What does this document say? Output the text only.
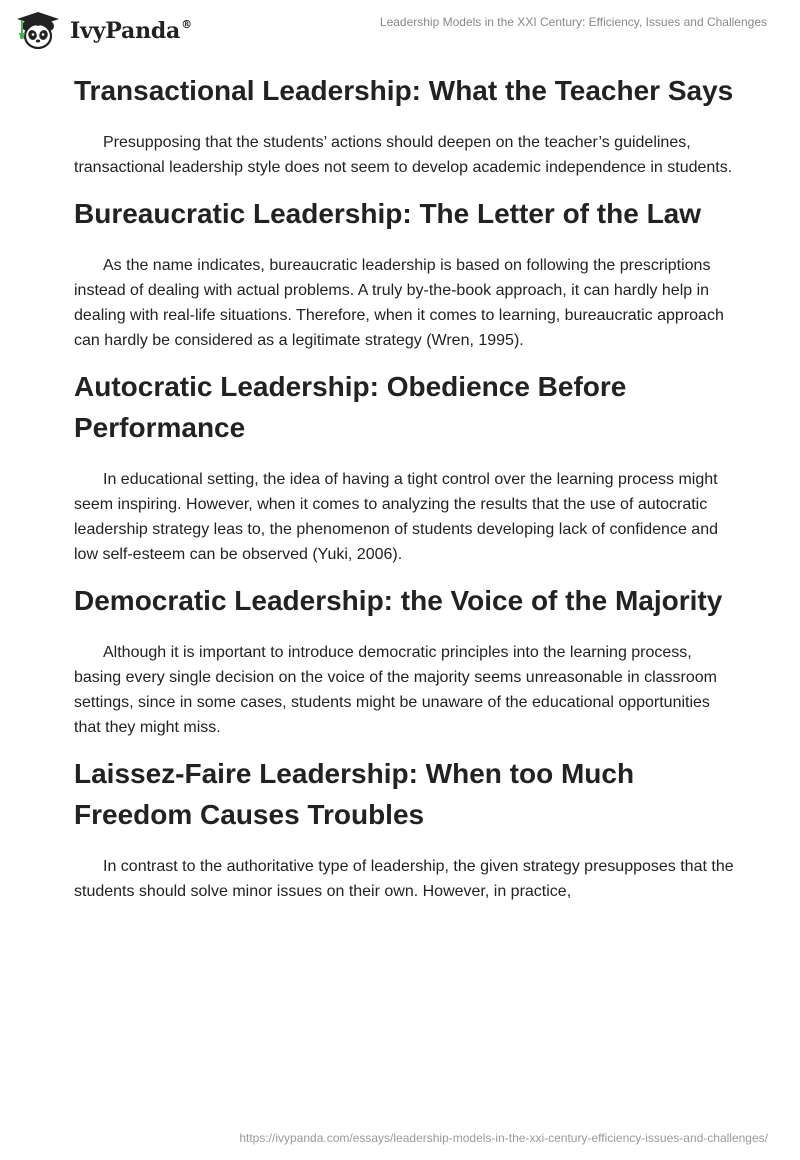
IvyPanda®	Leadership Models in the XXI Century: Efficiency, Issues and Challenges
Transactional Leadership: What the Teacher Says

Presupposing that the students’ actions should deepen on the teacher’s guidelines, transactional leadership style does not seem to develop academic independence in students.

Bureaucratic Leadership: The Letter of the Law

As the name indicates, bureaucratic leadership is based on following the prescriptions instead of dealing with actual problems. A truly by-the-book approach, it can hardly help in dealing with real-life situations. Therefore, when it comes to learning, bureaucratic approach can hardly be considered as a legitimate strategy (Wren, 1995).

Autocratic Leadership: Obedience Before Performance

In educational setting, the idea of having a tight control over the learning process might seem inspiring. However, when it comes to analyzing the results that the use of autocratic leadership strategy leas to, the phenomenon of students developing lack of confidence and low self-esteem can be observed (Yuki, 2006).

Democratic Leadership: the Voice of the Majority

Although it is important to introduce democratic principles into the learning process, basing every single decision on the voice of the majority seems unreasonable in classroom settings, since in some cases, students might be unaware of the educational opportunities that they might miss.

Laissez-Faire Leadership: When too Much Freedom Causes Troubles

In contrast to the authoritative type of leadership, the given strategy presupposes that the students should solve minor issues on their own. However, in practice,

https://ivypanda.com/essays/leadership-models-in-the-xxi-century-efficiency-issues-and-challenges/
